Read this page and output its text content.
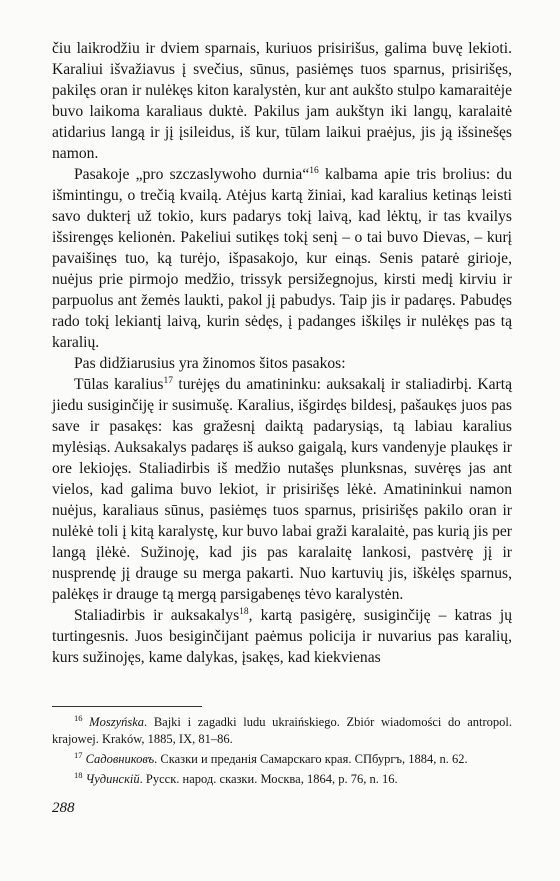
čiu laikrodžiu ir dviem sparnais, kuriuos prisirišus, galima buvę lekioti. Karaliui išvažiavus į svečius, sūnus, pasiėmęs tuos sparnus, prisirišęs, pakilęs oran ir nulėkęs kiton karalystėn, kur ant aukšto stulpo kamaraitėje buvo laikoma karaliaus duktė. Pakilus jam aukštyn iki langų, karalaitė atidarius langą ir jį įsileidus, iš kur, tūlam laikui praėjus, jis ją išsinešęs namon.

Pasakoje „pro szczaslywoho durnia“$^{16}$ kalbama apie tris brolius: du išmintingu, o trečią kvailą. Atėjus kartą žiniai, kad karalius ketinąs leisti savo dukterį už tokio, kurs padarys tokį laivą, kad lėktų, ir tas kvailys išsirengęs kelionėn. Pakeliui sutikęs tokį senį – o tai buvo Dievas, – kurį pavaišinęs tuo, ką turėjo, išpasakojo, kur einąs. Senis patarė girioje, nuėjus prie pirmojo medžio, trissyk persižegnojus, kirsti medį kirviu ir parpuolus ant žemės laukti, pakol jį pabudys. Taip jis ir padaręs. Pabudęs rado tokį lekiantį laivą, kurin sėdęs, į padanges iškilęs ir nulėkęs pas tą karalių.

Pas didžiarusius yra žinomos šitos pasakos:

Tūlas karalius$^{17}$ turėjęs du amatininku: auksakalį ir staliadirbį. Kartą jiedu susiginčiję ir susimušę. Karalius, išgirdęs bildesį, pašaukęs juos pas save ir pasakęs: kas gražesnį daiktą padarysiąs, tą labiau karalius mylėsiąs. Auksakalys padaręs iš aukso gaigalą, kurs vandenyje plaukęs ir ore lekiojęs. Staliadirbis iš medžio nutašęs plunksnas, suvėręs jas ant vielos, kad galima buvo lekiot, ir prisirišęs lėkė. Amatininkui namon nuėjus, karaliaus sūnus, pasiėmęs tuos sparnus, prisirišęs pakilo oran ir nulėkė toli į kitą karalystę, kur buvo labai graži karalaitė, pas kurią jis per langą įlėkė. Sužinoję, kad jis pas karalaitę lankosi, pastvėrę jį ir nusprendę jį drauge su merga pakarti. Nuo kartuvių jis, iškėlęs sparnus, palėkęs ir drauge tą mergą parsigabenęs tėvo karalystėn.

Staliadirbis ir auksakalys$^{18}$, kartą pasigėrę, susiginčiję – katras jų turtingesnis. Juos besiginčijant paėmus policija ir nuvarius pas karalių, kurs sužinojęs, kame dalykas, įsakęs, kad kiekvienas

$^{16}$ Moszyńska. Bajki i zagadki ludu ukraińskiego. Zbiór wiadomości do antropol. krajowej. Kraków, 1885, IX, 81–86.

$^{17}$ Садовниковъ. Сказки и преданія Самарскаго края. СПбургъ, 1884, n. 62.

$^{18}$ Чудинскій. Русск. народ. сказки. Москва, 1864, p. 76, n. 16.

288
